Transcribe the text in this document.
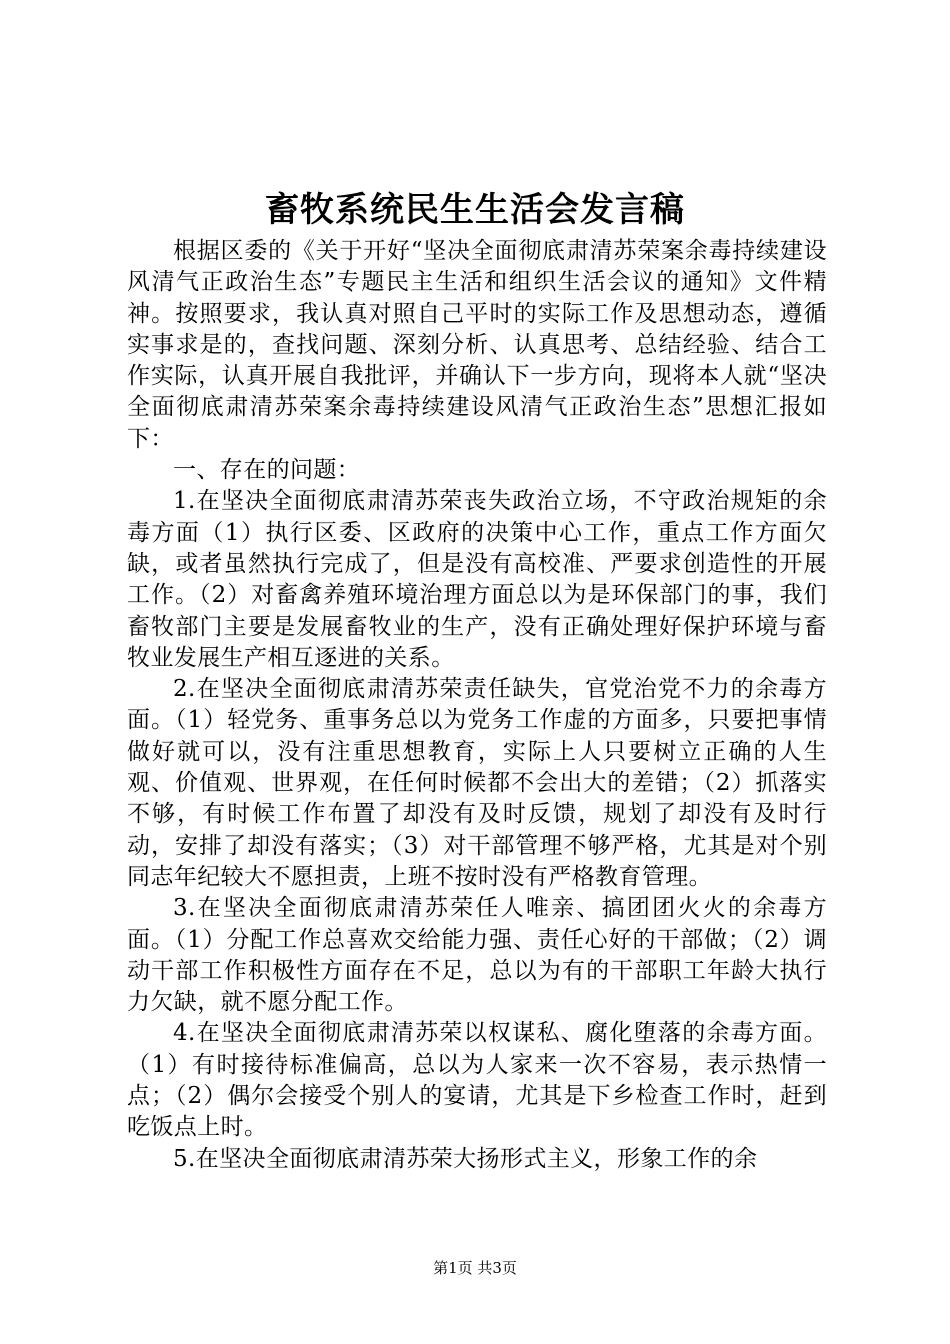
畜牧系统民生生活会发言稿

根据区委的《关于开好“坚决全面彻底肃清苏荣案余毒持续建设风清气正政治生态”专题民主生活和组织生活会议的通知》文件精神。按照要求，我认真对照自己平时的实际工作及思想动态，遵循实事求是的，查找问题、深刻分析、认真思考、总结经验、结合工作实际，认真开展自我批评，并确认下一步方向，现将本人就“坚决全面彻底肃清苏荣案余毒持续建设风清气正政治生态”思想汇报如下：

一、存在的问题：

1.在坚决全面彻底肃清苏荣丧失政治立场，不守政治规矩的余毒方面（1）执行区委、区政府的决策中心工作，重点工作方面欠缺，或者虽然执行完成了，但是没有高校准、严要求创造性的开展工作。（2）对畜禽养殖环境治理方面总以为是环保部门的事，我们畜牧部门主要是发展畜牧业的生产，没有正确处理好保护环境与畜牧业发展生产相互逐进的关系。

2.在坚决全面彻底肃清苏荣责任缺失，官党治党不力的余毒方面。（1）轻党务、重事务总以为党务工作虚的方面多，只要把事情做好就可以，没有注重思想教育，实际上人只要树立正确的人生观、价值观、世界观，在任何时候都不会出大的差错；（2）抓落实不够，有时候工作布置了却没有及时反馈，规划了却没有及时行动，安排了却没有落实；（3）对干部管理不够严格，尤其是对个别同志年纪较大不愿担责，上班不按时没有严格教育管理。

3.在坚决全面彻底肃清苏荣任人唯亲、搞团团火火的余毒方面。（1）分配工作总喜欢交给能力强、责任心好的干部做；（2）调动干部工作积极性方面存在不足，总以为有的干部职工年龄大执行力欠缺，就不愿分配工作。

4.在坚决全面彻底肃清苏荣以权谋私、腐化堕落的余毒方面。（1）有时接待标准偏高，总以为人家来一次不容易，表示热情一点；（2）偶尔会接受个别人的宴请，尤其是下乡检查工作时，赶到吃饭点上时。

5.在坚决全面彻底肃清苏荣大扬形式主义，形象工作的余

第1页 共3页
